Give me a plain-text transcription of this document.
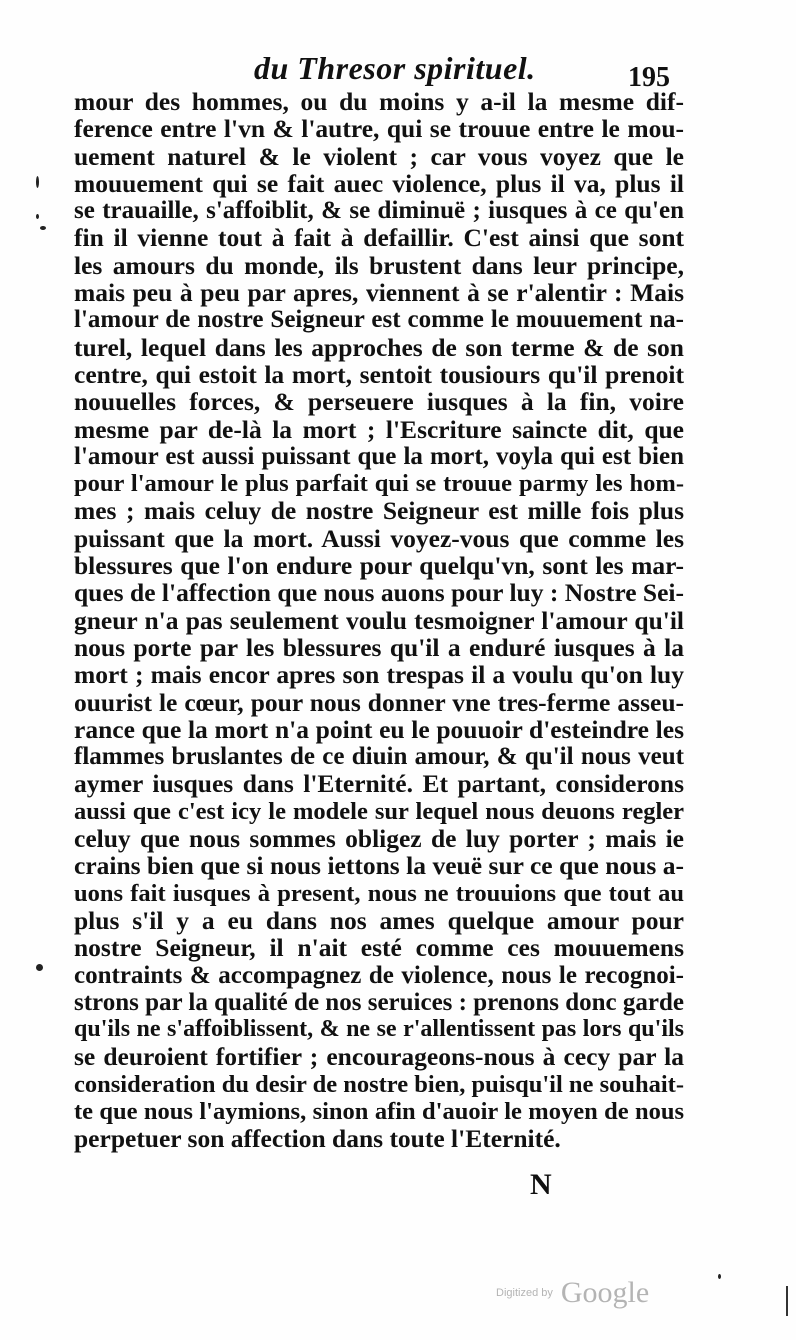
du Thresor spirituel.	195
mour des hommes, ou du moins y a-il la mesme dif-
ference entre l'vn & l'autre, qui se trouue entre le mou-
uement naturel & le violent ; car vous voyez que le
mouuement qui se fait auec violence, plus il va, plus il
se trauaille, s'affoiblit, & se diminuë ; iusques à ce qu'en
fin il vienne tout à fait à defaillir. C'est ainsi que sont
les amours du monde, ils brustent dans leur principe,
mais peu à peu par apres, viennent à se r'alentir : Mais
l'amour de nostre Seigneur est comme le mouuement na-
turel, lequel dans les approches de son terme & de son
centre, qui estoit la mort, sentoit tousiours qu'il prenoit
nouuelles forces, & perseuere iusques à la fin, voire
mesme par de-là la mort ; l'Escriture saincte dit, que
l'amour est aussi puissant que la mort, voyla qui est bien
pour l'amour le plus parfait qui se trouue parmy les hom-
mes ; mais celuy de nostre Seigneur est mille fois plus
puissant que la mort. Aussi voyez-vous que comme les
blessures que l'on endure pour quelqu'vn, sont les mar-
ques de l'affection que nous auons pour luy : Nostre Sei-
gneur n'a pas seulement voulu tesmoigner l'amour qu'il
nous porte par les blessures qu'il a enduré iusques à la
mort ; mais encor apres son trespas il a voulu qu'on luy
ouurist le cœur, pour nous donner vne tres-ferme asseu-
rance que la mort n'a point eu le pouuoir d'esteindre les
flammes bruslantes de ce diuin amour, & qu'il nous veut
aymer iusques dans l'Eternité. Et partant, considerons
aussi que c'est icy le modele sur lequel nous deuons regler
celuy que nous sommes obligez de luy porter ; mais ie
crains bien que si nous iettons la veuë sur ce que nous a-
uons fait iusques à present, nous ne trouuions que tout au
plus s'il y a eu dans nos ames quelque amour pour
nostre Seigneur, il n'ait esté comme ces mouuemens
contraints & accompagnez de violence, nous le recognoi-
strons par la qualité de nos seruices : prenons donc garde
qu'ils ne s'affoiblissent, & ne se r'allentissent pas lors qu'ils
se deuroient fortifier ; encourageons-nous à cecy par la
consideration du desir de nostre bien, puisqu'il ne souhait-
te que nous l'aymions, sinon afin d'auoir le moyen de nous
perpetuer son affection dans toute l'Eternité.
N
Digitized by Google
